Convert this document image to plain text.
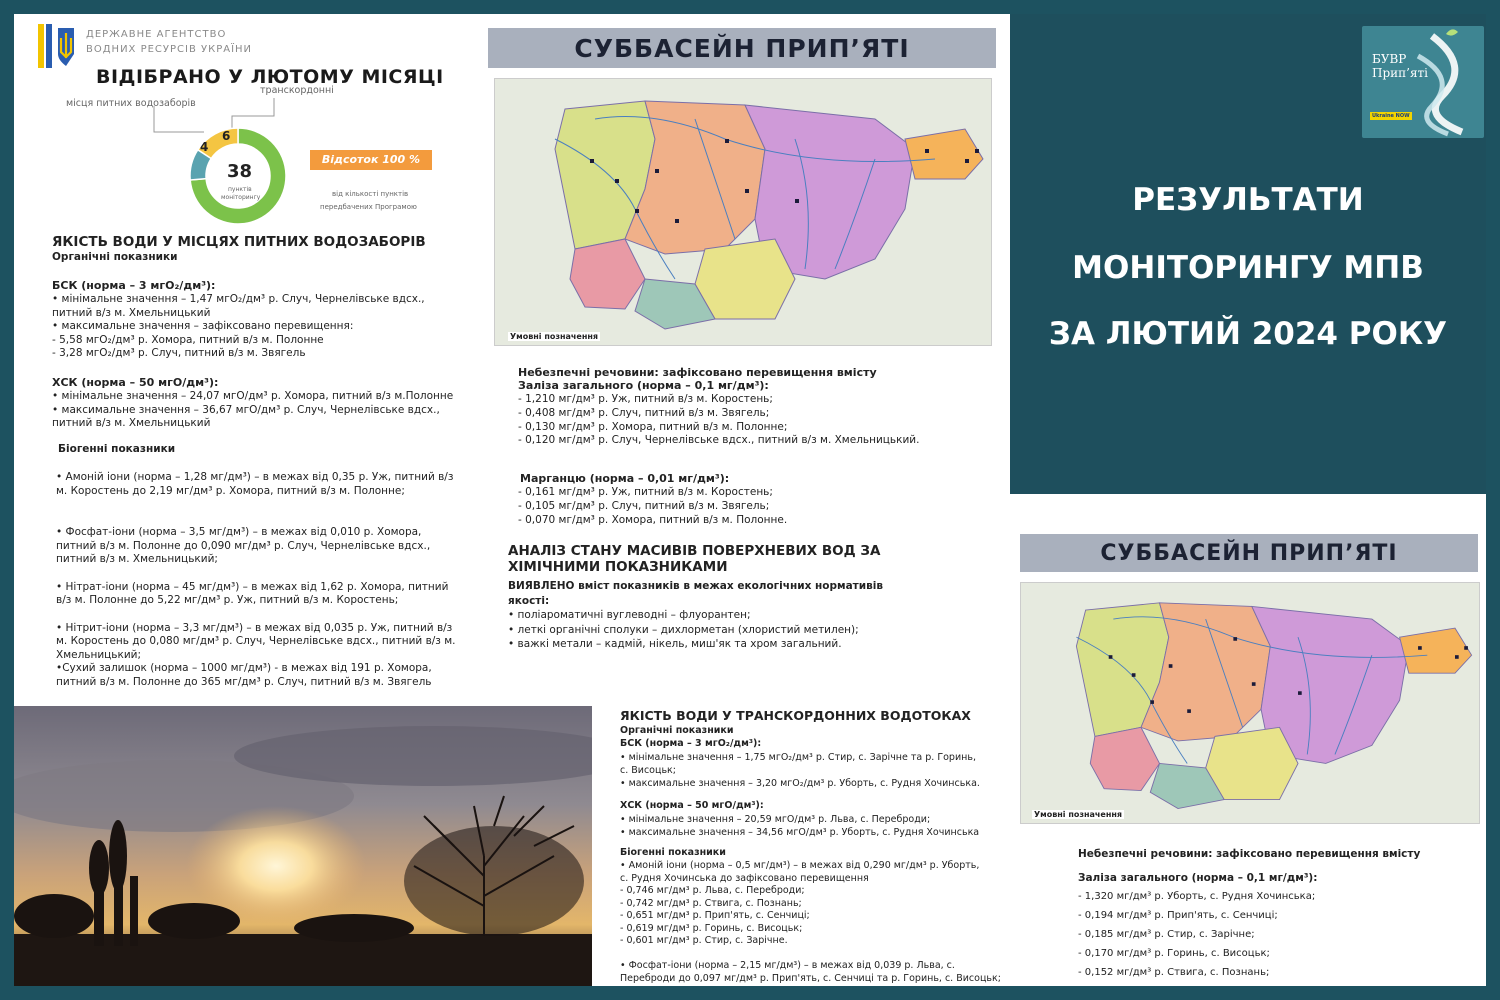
ДЕРЖАВНЕ АГЕНТСТВО
ВОДНИХ РЕСУРСІВ УКРАЇНИ
ВІДІБРАНО У ЛЮТОМУ МІСЯЦІ
транскордонні
місця питних водозаборів
38
пунктів
моніторингу
4
6
Відсоток 100 %
від кількості пунктів
передбачених Програмою
ЯКІСТЬ ВОДИ У МІСЦЯХ ПИТНИХ ВОДОЗАБОРІВ
Органічні показники
БСК (норма – 3 мгО₂/дм³):
• мінімальне значення – 1,47 мгО₂/дм³ р. Случ, Чернелівське вдсх.,
питний в/з м. Хмельницький
• максимальне значення – зафіксовано перевищення:
- 5,58 мгО₂/дм³ р. Хомора, питний в/з м. Полонне
- 3,28 мгО₂/дм³ р. Случ, питний в/з м. Звягель
ХСК (норма – 50 мгО/дм³):
• мінімальне значення – 24,07 мгО/дм³ р. Хомора, питний в/з м.Полонне
• максимальне значення – 36,67 мгО/дм³ р. Случ, Чернелівське вдсх.,
питний в/з м. Хмельницький
Біогенні показники
• Амоній іони (норма – 1,28 мг/дм³) – в межах від 0,35 р. Уж, питний в/з
м. Коростень до 2,19 мг/дм³ р. Хомора, питний в/з м. Полонне;
• Фосфат-іони (норма – 3,5 мг/дм³) – в межах від 0,010 р. Хомора,
питний в/з м. Полонне до 0,090 мг/дм³ р. Случ, Чернелівське вдсх.,
питний в/з м. Хмельницький;
• Нітрат-іони (норма – 45 мг/дм³) – в межах від 1,62 р. Хомора, питний
в/з м. Полонне до 5,22 мг/дм³ р. Уж, питний в/з м. Коростень;
• Нітрит-іони (норма – 3,3 мг/дм³) – в межах від 0,035 р. Уж, питний в/з
м. Коростень до 0,080 мг/дм³ р. Случ, Чернелівське вдсх., питний в/з м.
Хмельницький;
•Сухий залишок (норма – 1000 мг/дм³) - в межах від 191 р. Хомора,
питний в/з м. Полонне до 365 мг/дм³ р. Случ, питний в/з м. Звягель
СУББАСЕЙН ПРИП’ЯТІ
Умовні позначення
Небезпечні речовини: зафіксовано перевищення вмісту
Заліза загального (норма – 0,1 мг/дм³):
- 1,210 мг/дм³ р. Уж, питний в/з м. Коростень;
- 0,408 мг/дм³ р. Случ, питний в/з м. Звягель;
- 0,130 мг/дм³ р. Хомора, питний в/з м. Полонне;
- 0,120 мг/дм³ р. Случ, Чернелівське вдсх., питний в/з м. Хмельницький.
Марганцю (норма – 0,01 мг/дм³):
- 0,161 мг/дм³ р. Уж, питний в/з м. Коростень;
- 0,105 мг/дм³ р. Случ, питний в/з м. Звягель;
- 0,070 мг/дм³ р. Хомора, питний в/з м. Полонне.
АНАЛІЗ СТАНУ МАСИВІВ ПОВЕРХНЕВИХ ВОД ЗА
ХІМІЧНИМИ ПОКАЗНИКАМИ
ВИЯВЛЕНО вміст показників в межах екологічних нормативів
якості:
• поліароматичні вуглеводні – флуорантен;
• леткі органічні сполуки – дихлорметан (хлористий метилен);
• важкі метали – кадмій, нікель, миш'як та хром загальний.
РЕЗУЛЬТАТИ
МОНІТОРИНГУ МПВ
ЗА ЛЮТИЙ 2024 РОКУ
БУВР
Прип’яті
Ukraine NOW
СУББАСЕЙН ПРИП’ЯТІ
Умовні позначення
Небезпечні речовини: зафіксовано перевищення вмісту
Заліза загального (норма – 0,1 мг/дм³):
- 1,320 мг/дм³ р. Уборть, с. Рудня Хочинська;
- 0,194 мг/дм³ р. Прип'ять, с. Сенчиці;
- 0,185 мг/дм³ р. Стир, с. Зарічне;
- 0,170 мг/дм³ р. Горинь, с. Висоцьк;
- 0,152 мг/дм³ р. Ствига, с. Познань;
ЯКІСТЬ ВОДИ У ТРАНСКОРДОННИХ ВОДОТОКАХ
Органічні показники
БСК (норма – 3 мгО₂/дм³):
• мінімальне значення – 1,75 мгО₂/дм³ р. Стир, с. Зарічне та р. Горинь,
с. Висоцьк;
• максимальне значення – 3,20 мгО₂/дм³ р. Уборть, с. Рудня Хочинська.
ХСК (норма – 50 мгО/дм³):
• мінімальне значення – 20,59 мгО/дм³ р. Льва, с. Переброди;
• максимальне значення – 34,56 мгО/дм³ р. Уборть, с. Рудня Хочинська
Біогенні показники
• Амоній іони (норма – 0,5 мг/дм³) – в межах від 0,290 мг/дм³ р. Уборть,
с. Рудня Хочинська до зафіксовано перевищення
- 0,746 мг/дм³ р. Льва, с. Переброди;
- 0,742 мг/дм³ р. Ствига, с. Познань;
- 0,651 мг/дм³ р. Прип'ять, с. Сенчиці;
- 0,619 мг/дм³ р. Горинь, с. Висоцьк;
- 0,601 мг/дм³ р. Стир, с. Зарічне.
• Фосфат-іони (норма – 2,15 мг/дм³) – в межах від 0,039 р. Льва, с.
Переброди до 0,097 мг/дм³ р. Прип'ять, с. Сенчиці та р. Горинь, с. Висоцьк;
